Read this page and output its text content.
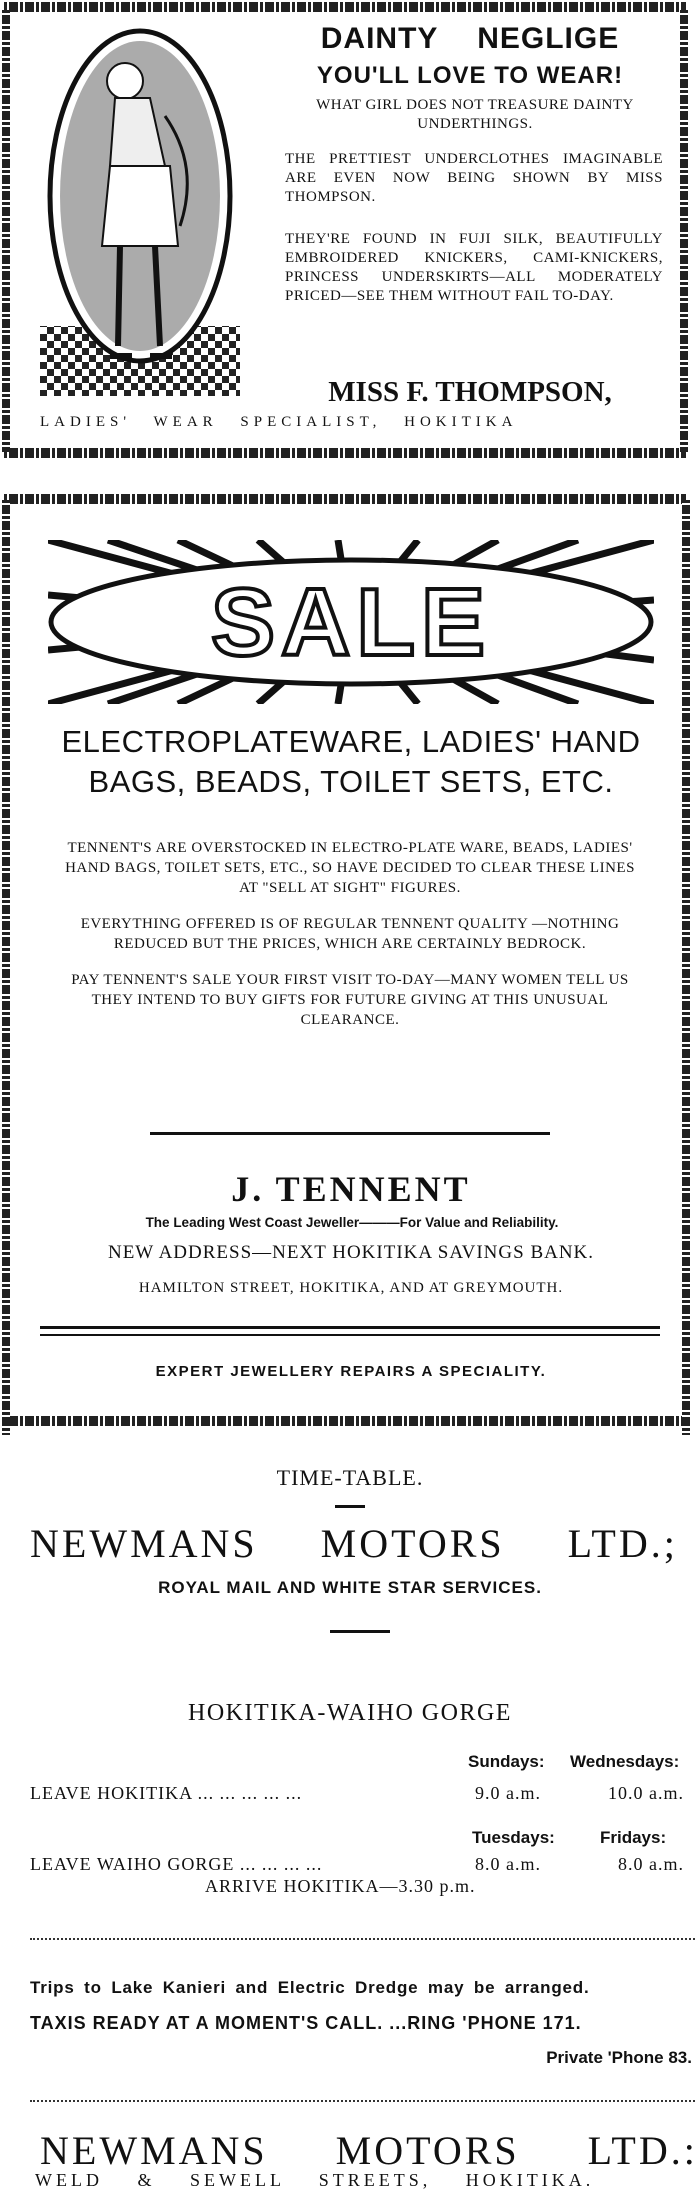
DAINTY NEGLIGE
YOU'LL LOVE TO WEAR!
WHAT GIRL DOES NOT TREASURE DAINTY UNDERTHINGS.
THE PRETTIEST UNDERCLOTHES IMAGINABLE ARE EVEN NOW BEING SHOWN BY MISS THOMPSON.
THEY'RE FOUND IN FUJI SILK, BEAUTIFULLY EMBROIDERED KNICKERS, CAMI-KNICKERS, PRINCESS UNDERSKIRTS—ALL MODERATELY PRICED—SEE THEM WITHOUT FAIL TO-DAY.
MISS F. THOMPSON,
LADIES' WEAR SPECIALIST, HOKITIKA
SALE
ELECTROPLATEWARE, LADIES' HAND
BAGS, BEADS, TOILET SETS, ETC.

TENNENT'S ARE OVERSTOCKED IN ELECTRO-PLATE WARE, BEADS, LADIES' HAND BAGS, TOILET SETS, ETC., SO HAVE DECIDED TO CLEAR THESE LINES AT "SELL AT SIGHT" FIGURES.

EVERYTHING OFFERED IS OF REGULAR TENNENT QUALITY —NOTHING REDUCED BUT THE PRICES, WHICH ARE CERTAINLY BEDROCK.

PAY TENNENT'S SALE YOUR FIRST VISIT TO-DAY—MANY WOMEN TELL US THEY INTEND TO BUY GIFTS FOR FUTURE GIVING AT THIS UNUSUAL CLEARANCE.

J. TENNENT
The Leading West Coast Jeweller———For Value and Reliability.
NEW ADDRESS—NEXT HOKITIKA SAVINGS BANK.
HAMILTON STREET, HOKITIKA, AND AT GREYMOUTH.
EXPERT JEWELLERY REPAIRS A SPECIALITY.
TIME-TABLE.
NEWMANS MOTORS LTD.;
ROYAL MAIL AND WHITE STAR SERVICES.
HOKITIKA-WAIHO GORGE
Sundays: Wednesdays:
LEAVE HOKITIKA ... ... ... ... ...	9.0 a.m.	10.0 a.m.
Tuesdays:	Fridays:
LEAVE WAIHO GORGE ... ... ... ...	8.0 a.m.	8.0 a.m.
ARRIVE HOKITIKA—3.30 p.m.
Trips to Lake Kanieri and Electric Dredge may be arranged.
TAXIS READY AT A MOMENT'S CALL. ...RING 'PHONE 171.
Private 'Phone 83.
NEWMANS MOTORS LTD.:
WELD & SEWELL STREETS, HOKITIKA.
